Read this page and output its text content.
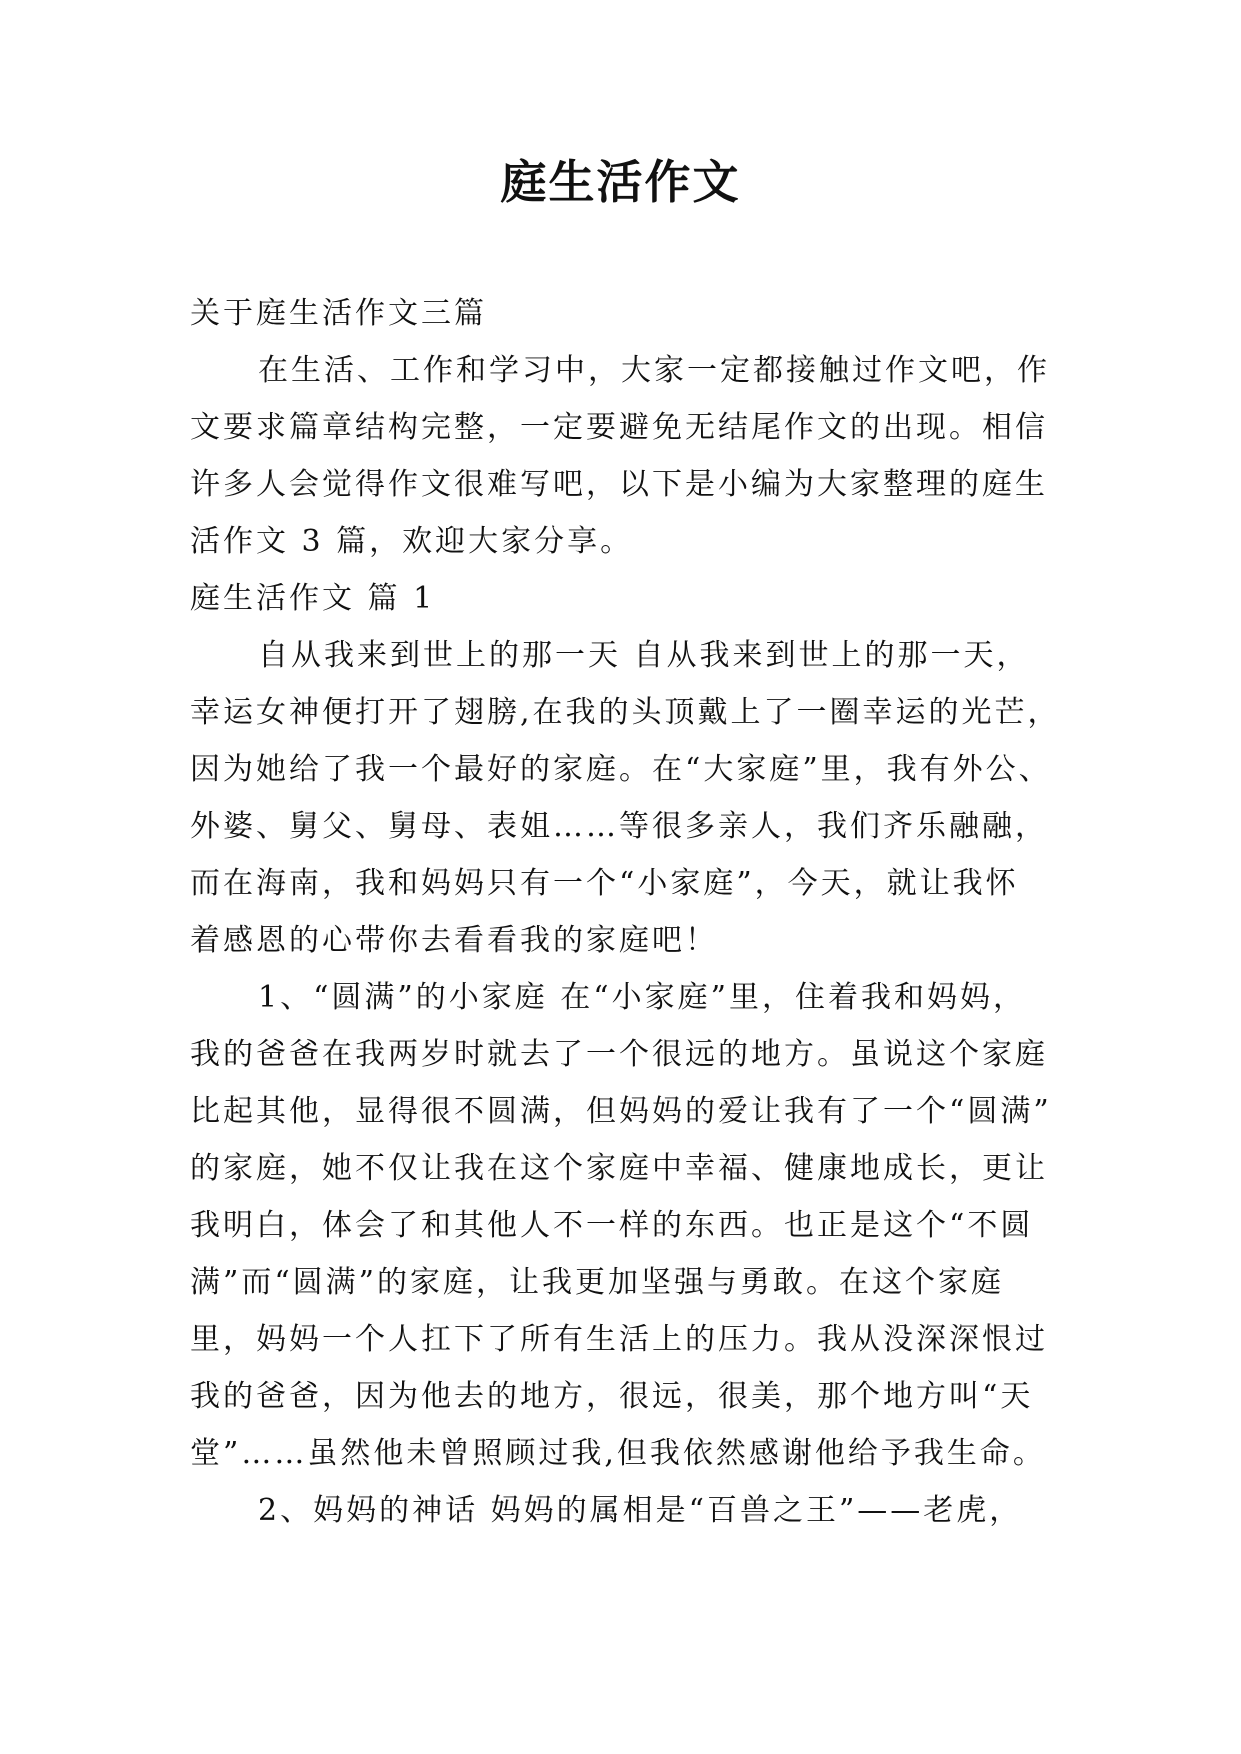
庭生活作文

关于庭生活作文三篇

在生活、工作和学习中，大家一定都接触过作文吧，作

文要求篇章结构完整，一定要避免无结尾作文的出现。相信

许多人会觉得作文很难写吧，以下是小编为大家整理的庭生

活作文 3 篇，欢迎大家分享。

庭生活作文 篇 1

自从我来到世上的那一天 自从我来到世上的那一天，

幸运女神便打开了翅膀,在我的头顶戴上了一圈幸运的光芒，

因为她给了我一个最好的家庭。在“大家庭”里，我有外公、

外婆、舅父、舅母、表姐……等很多亲人，我们齐乐融融，

而在海南，我和妈妈只有一个“小家庭”，今天，就让我怀

着感恩的心带你去看看我的家庭吧！

1、“圆满”的小家庭 在“小家庭”里，住着我和妈妈，

我的爸爸在我两岁时就去了一个很远的地方。虽说这个家庭

比起其他，显得很不圆满，但妈妈的爱让我有了一个“圆满”

的家庭，她不仅让我在这个家庭中幸福、健康地成长，更让

我明白，体会了和其他人不一样的东西。也正是这个“不圆

满”而“圆满”的家庭，让我更加坚强与勇敢。在这个家庭

里，妈妈一个人扛下了所有生活上的压力。我从没深深恨过

我的爸爸，因为他去的地方，很远，很美，那个地方叫“天

堂”……虽然他未曾照顾过我,但我依然感谢他给予我生命。

2、妈妈的神话 妈妈的属相是“百兽之王”——老虎，
